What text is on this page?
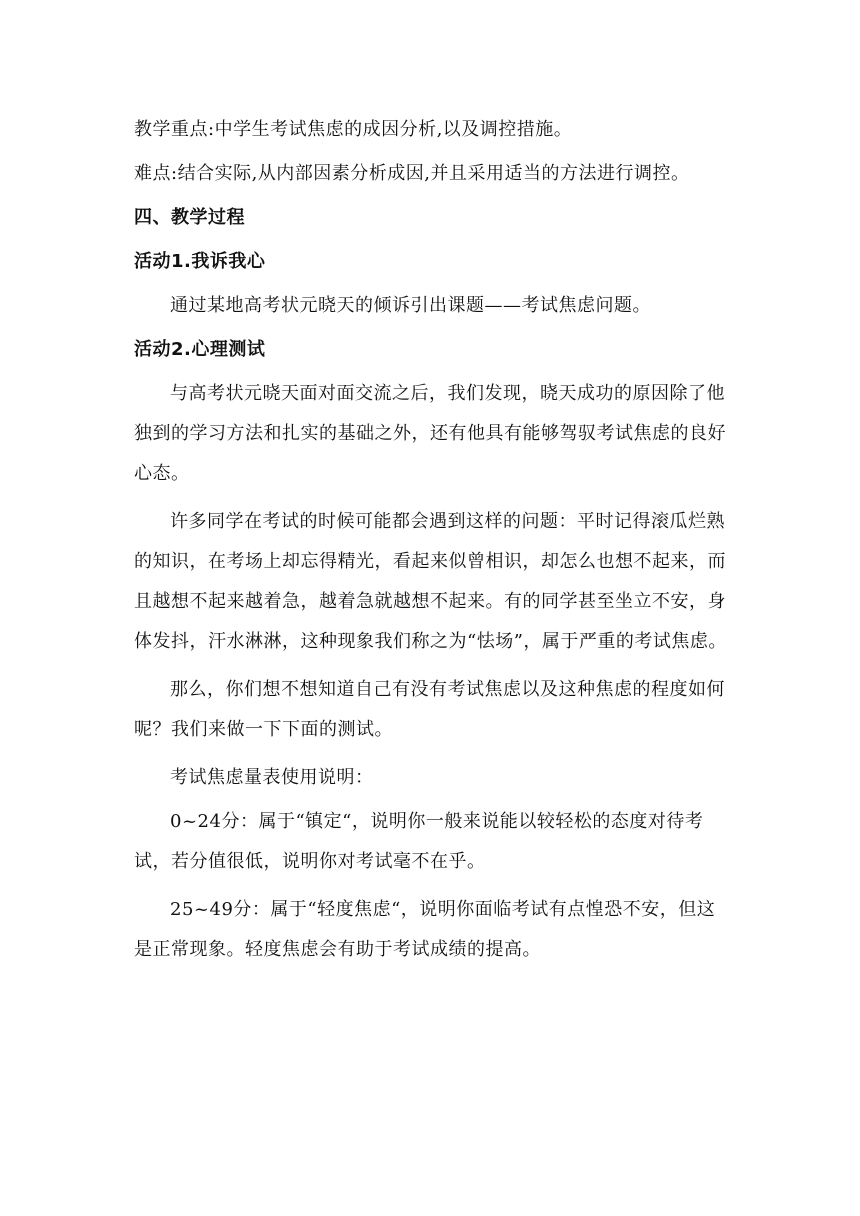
教学重点:中学生考试焦虑的成因分析,以及调控措施。

难点:结合实际,从内部因素分析成因,并且采用适当的方法进行调控。

四、教学过程

活动1.我诉我心

通过某地高考状元晓天的倾诉引出课题——考试焦虑问题。

活动2.心理测试

与高考状元晓天面对面交流之后，我们发现，晓天成功的原因除了他独到的学习方法和扎实的基础之外，还有他具有能够驾驭考试焦虑的良好心态。

许多同学在考试的时候可能都会遇到这样的问题：平时记得滚瓜烂熟的知识，在考场上却忘得精光，看起来似曾相识，却怎么也想不起来，而且越想不起来越着急，越着急就越想不起来。有的同学甚至坐立不安，身体发抖，汗水淋淋，这种现象我们称之为“怯场”，属于严重的考试焦虑。

那么，你们想不想知道自己有没有考试焦虑以及这种焦虑的程度如何呢？我们来做一下下面的测试。

考试焦虑量表使用说明：

0~24分：属于“镇定“，说明你一般来说能以较轻松的态度对待考试，若分值很低，说明你对考试毫不在乎。

25~49分：属于“轻度焦虑“，说明你面临考试有点惶恐不安，但这是正常现象。轻度焦虑会有助于考试成绩的提高。
